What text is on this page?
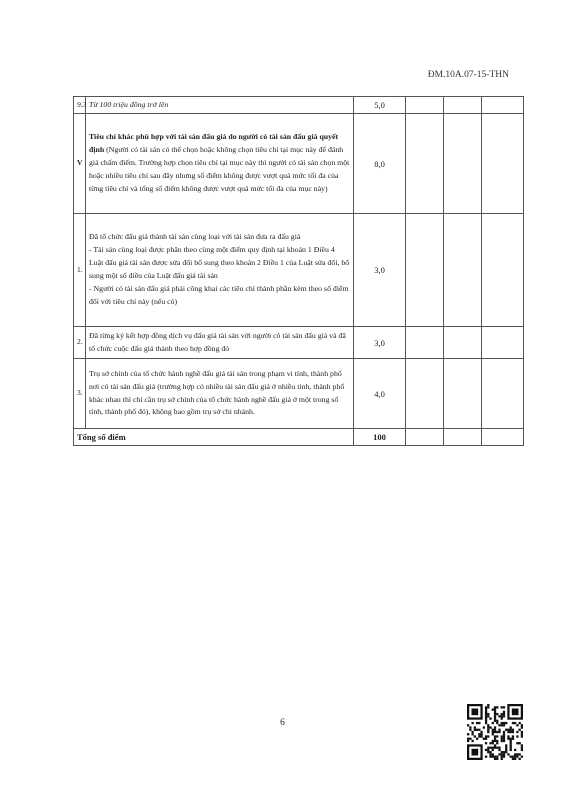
ĐM.10A.07-15-THN
9.3	Từ 100 triệu đồng trở lên	5,0			
V	Tiêu chí khác phù hợp với tài sản đấu giá do người có tài sản đấu giá quyết định (Người có tài sản có thể chọn hoặc không chọn tiêu chí tại mục này để đánh giá chấm điểm. Trường hợp chọn tiêu chí tại mục này thì người có tài sản chọn một hoặc nhiều tiêu chí sau đây nhưng số điểm không được vượt quá mức tối đa của từng tiêu chí và tổng số điểm không được vượt quá mức tối đa của mục này)	8,0			
1.	Đã tổ chức đấu giá thành tài sản cùng loại với tài sản đưa ra đấu giá
- Tài sản cùng loại được phân theo cùng một điểm quy định tại khoản 1 Điều 4 Luật đấu giá tài sản được sửa đổi bổ sung theo khoản 2 Điều 1 của Luật sửa đổi, bổ sung một số điều của Luật đấu giá tài sản
- Người có tài sản đấu giá phải công khai các tiêu chí thành phần kèm theo số điểm đối với tiêu chí này (nếu có)	3,0			
2.	Đã từng ký kết hợp đồng dịch vụ đấu giá tài sản với người có tài sản đấu giá và đã tổ chức cuộc đấu giá thành theo hợp đồng đó	3,0			
3.	Trụ sở chính của tổ chức hành nghề đấu giá tài sản trong phạm vi tỉnh, thành phố nơi có tài sản đấu giá (trường hợp có nhiều tài sản đấu giá ở nhiều tỉnh, thành phố khác nhau thì chỉ cần trụ sở chính của tổ chức hành nghề đấu giá ở một trong số tỉnh, thành phố đó), không bao gồm trụ sở chi nhánh.	4,0			
Tổng số điểm		100			
6
